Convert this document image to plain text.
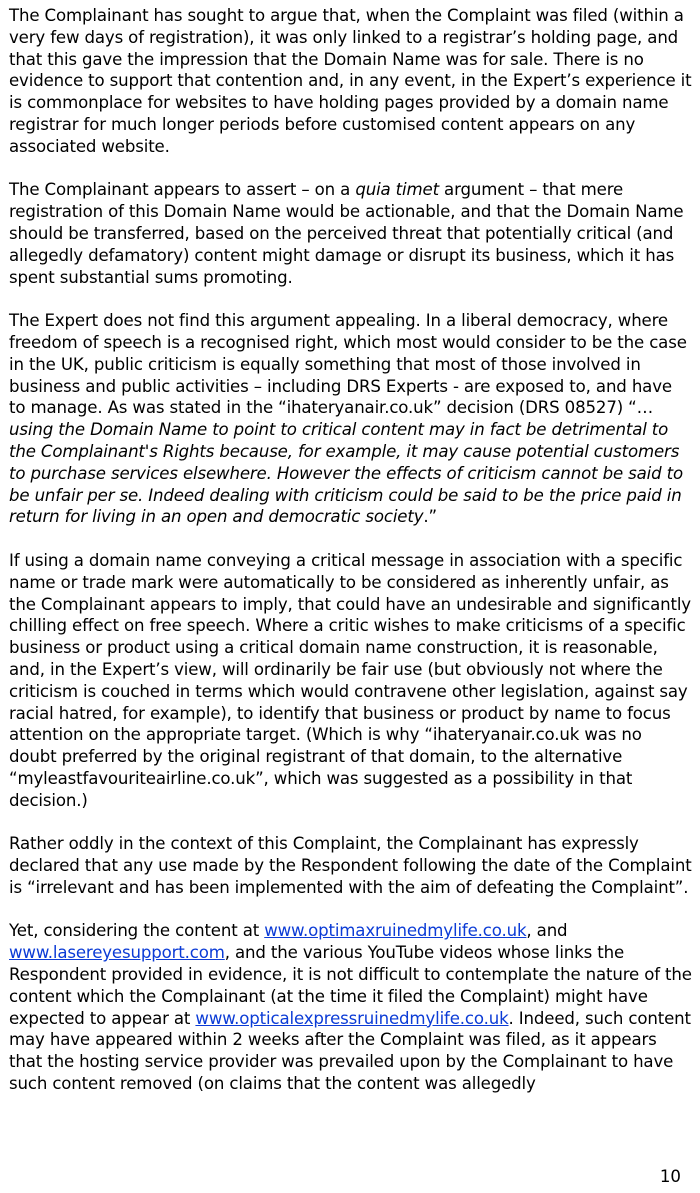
The Complainant has sought to argue that, when the Complaint was filed (within a very few days of registration), it was only linked to a registrar’s holding page, and that this gave the impression that the Domain Name was for sale. There is no evidence to support that contention and, in any event, in the Expert’s experience it is commonplace for websites to have holding pages provided by a domain name registrar for much longer periods before customised content appears on any associated website.

The Complainant appears to assert – on a quia timet argument – that mere registration of this Domain Name would be actionable, and that the Domain Name should be transferred, based on the perceived threat that potentially critical (and allegedly defamatory) content might damage or disrupt its business, which it has spent substantial sums promoting.

The Expert does not find this argument appealing. In a liberal democracy, where freedom of speech is a recognised right, which most would consider to be the case in the UK, public criticism is equally something that most of those involved in business and public activities – including DRS Experts - are exposed to, and have to manage. As was stated in the “ihateryanair.co.uk” decision (DRS 08527) “…using the Domain Name to point to critical content may in fact be detrimental to the Complainant's Rights because, for example, it may cause potential customers to purchase services elsewhere. However the effects of criticism cannot be said to be unfair per se. Indeed dealing with criticism could be said to be the price paid in return for living in an open and democratic society.”

If using a domain name conveying a critical message in association with a specific name or trade mark were automatically to be considered as inherently unfair, as the Complainant appears to imply, that could have an undesirable and significantly chilling effect on free speech. Where a critic wishes to make criticisms of a specific business or product using a critical domain name construction, it is reasonable, and, in the Expert’s view, will ordinarily be fair use (but obviously not where the criticism is couched in terms which would contravene other legislation, against say racial hatred, for example), to identify that business or product by name to focus attention on the appropriate target. (Which is why “ihateryanair.co.uk was no doubt preferred by the original registrant of that domain, to the alternative “myleastfavouriteairline.co.uk”, which was suggested as a possibility in that decision.)

Rather oddly in the context of this Complaint, the Complainant has expressly declared that any use made by the Respondent following the date of the Complaint is “irrelevant and has been implemented with the aim of defeating the Complaint”.

Yet, considering the content at www.optimaxruinedmylife.co.uk, and www.lasereyesupport.com, and the various YouTube videos whose links the Respondent provided in evidence, it is not difficult to contemplate the nature of the content which the Complainant (at the time it filed the Complaint) might have expected to appear at www.opticalexpressruinedmylife.co.uk. Indeed, such content may have appeared within 2 weeks after the Complaint was filed, as it appears that the hosting service provider was prevailed upon by the Complainant to have such content removed (on claims that the content was allegedly

10
